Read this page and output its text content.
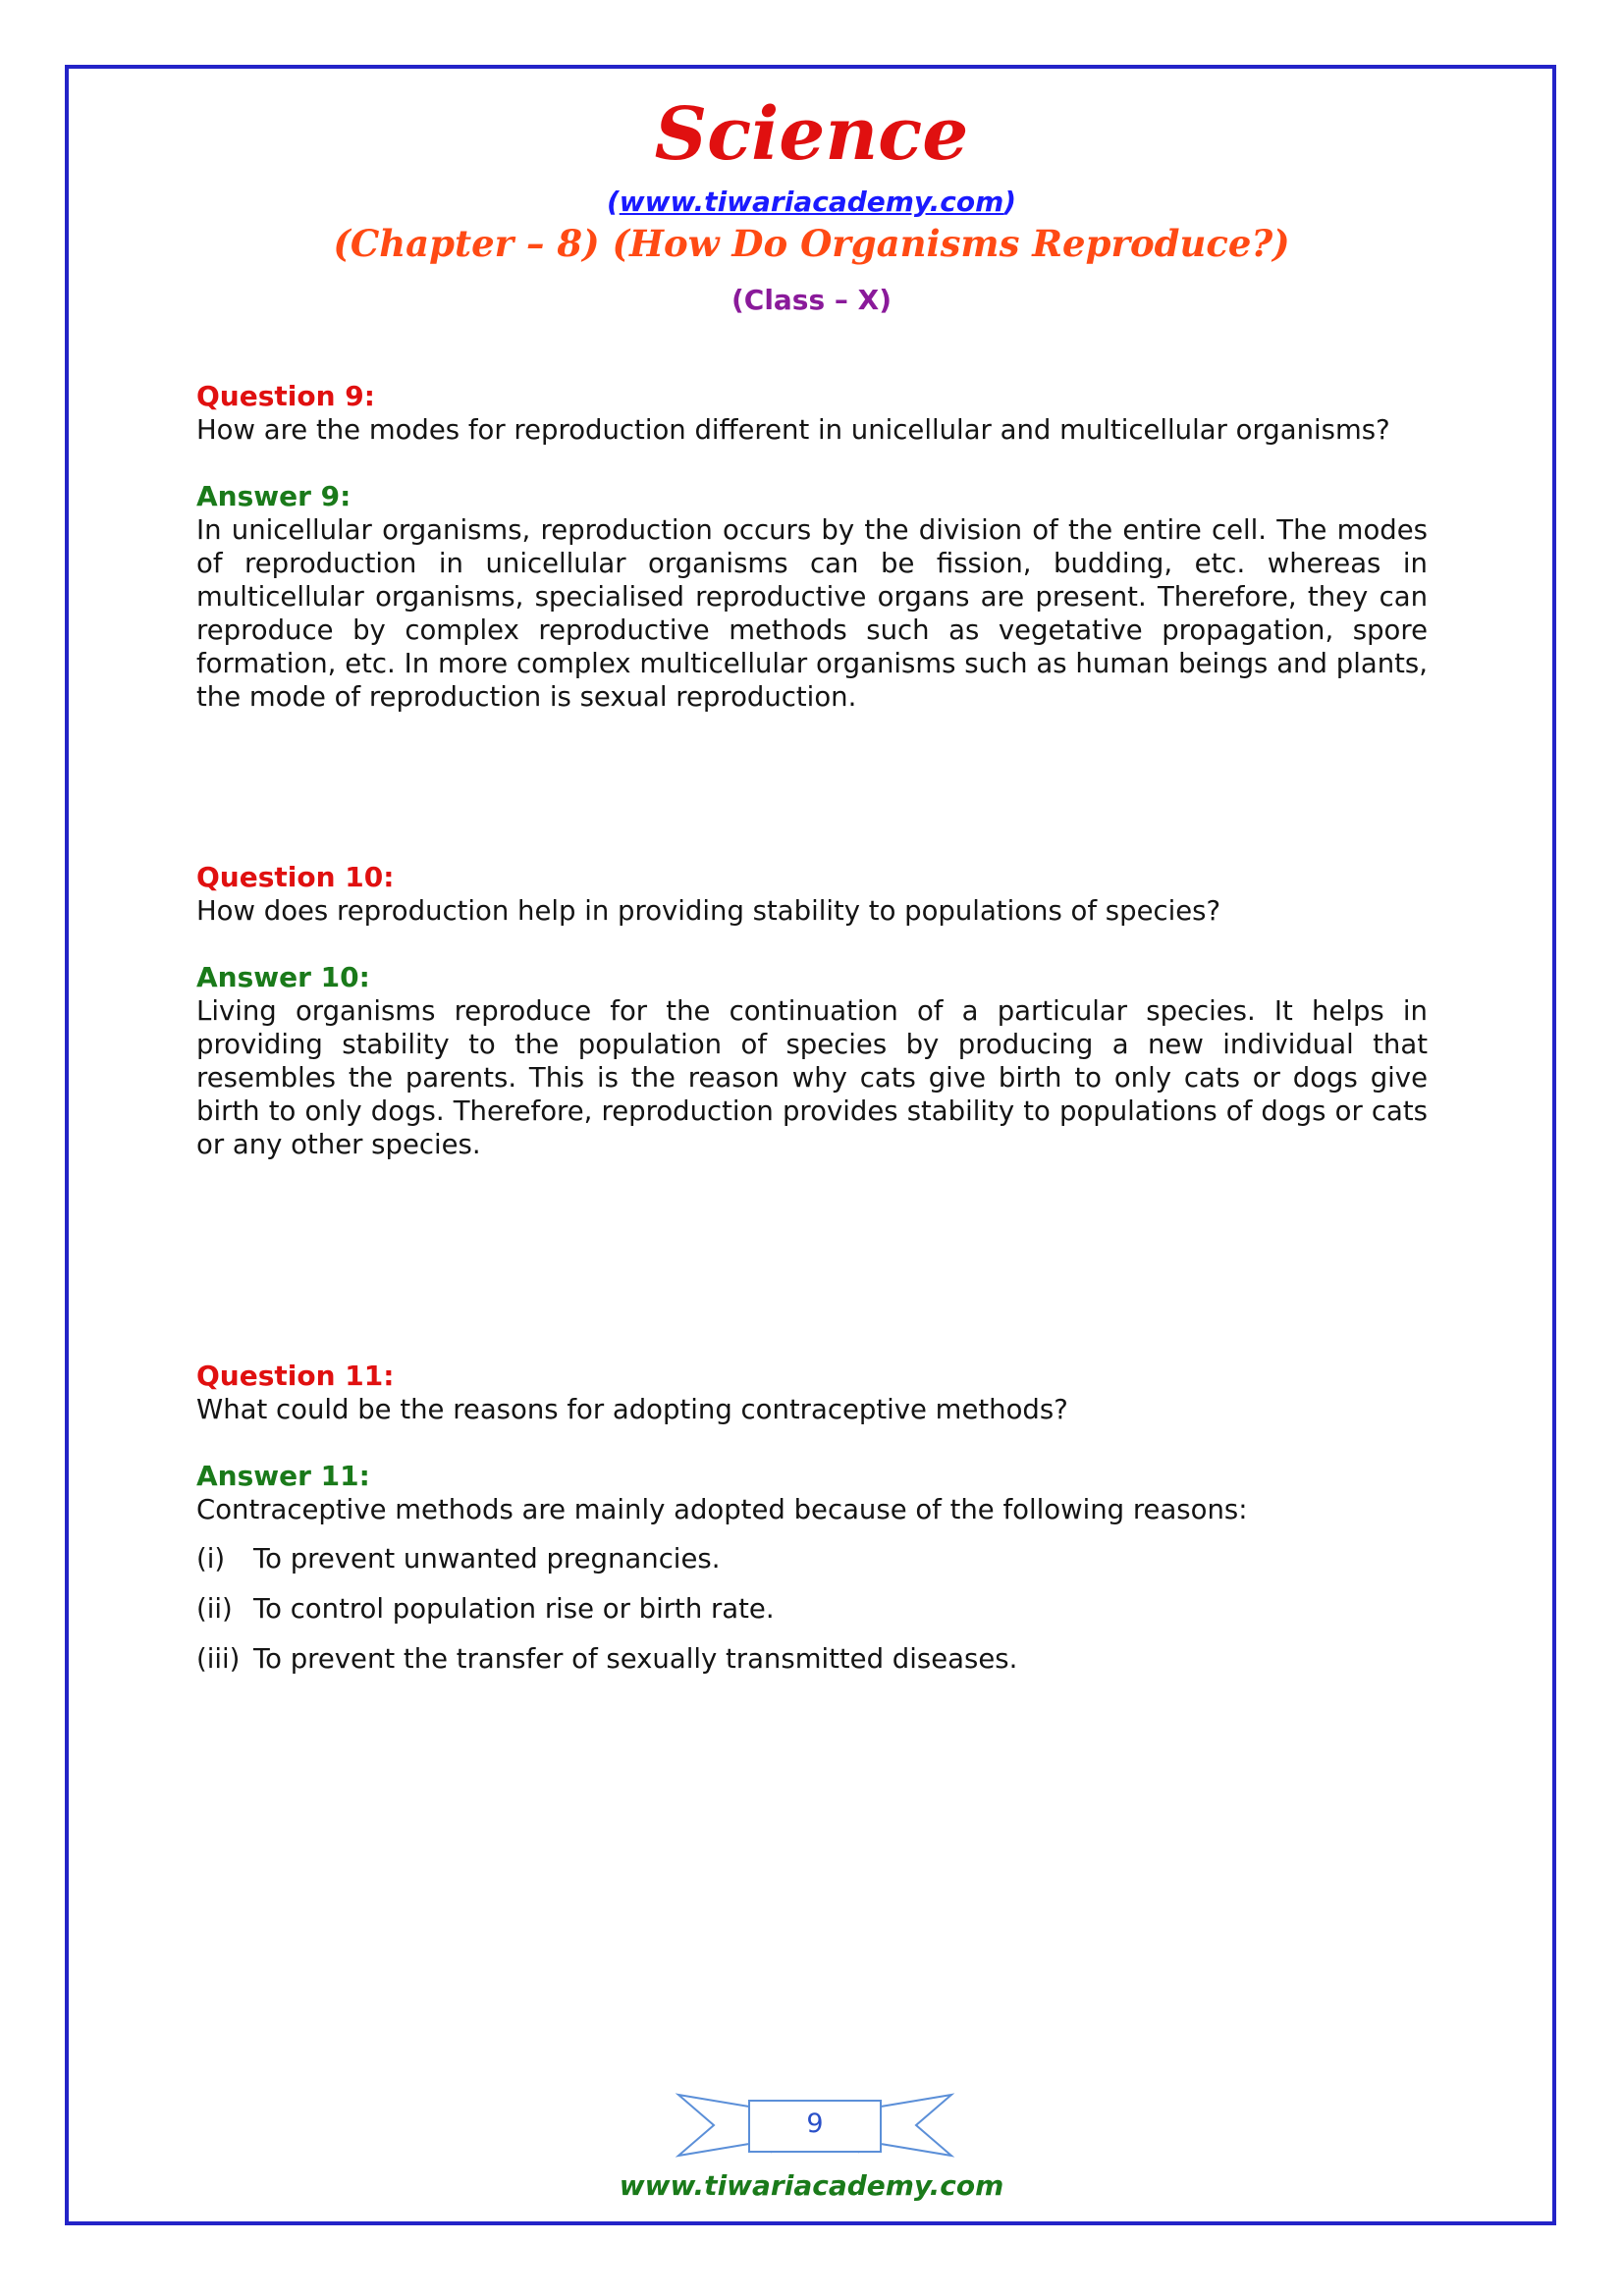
Science
(www.tiwariacademy.com)
(Chapter – 8) (How Do Organisms Reproduce?)
(Class – X)
Question 9:
How are the modes for reproduction different in unicellular and multicellular organisms?
Answer 9:
In unicellular organisms, reproduction occurs by the division of the entire cell. The modes of reproduction in unicellular organisms can be fission, budding, etc. whereas in multicellular organisms, specialised reproductive organs are present. Therefore, they can reproduce by complex reproductive methods such as vegetative propagation, spore formation, etc. In more complex multicellular organisms such as human beings and plants, the mode of reproduction is sexual reproduction.
Question 10:
How does reproduction help in providing stability to populations of species?
Answer 10:
Living organisms reproduce for the continuation of a particular species. It helps in providing stability to the population of species by producing a new individual that resembles the parents. This is the reason why cats give birth to only cats or dogs give birth to only dogs. Therefore, reproduction provides stability to populations of dogs or cats or any other species.
Question 11:
What could be the reasons for adopting contraceptive methods?
Answer 11:
Contraceptive methods are mainly adopted because of the following reasons:
(i) To prevent unwanted pregnancies.
(ii) To control population rise or birth rate.
(iii) To prevent the transfer of sexually transmitted diseases.
9
www.tiwariacademy.com
